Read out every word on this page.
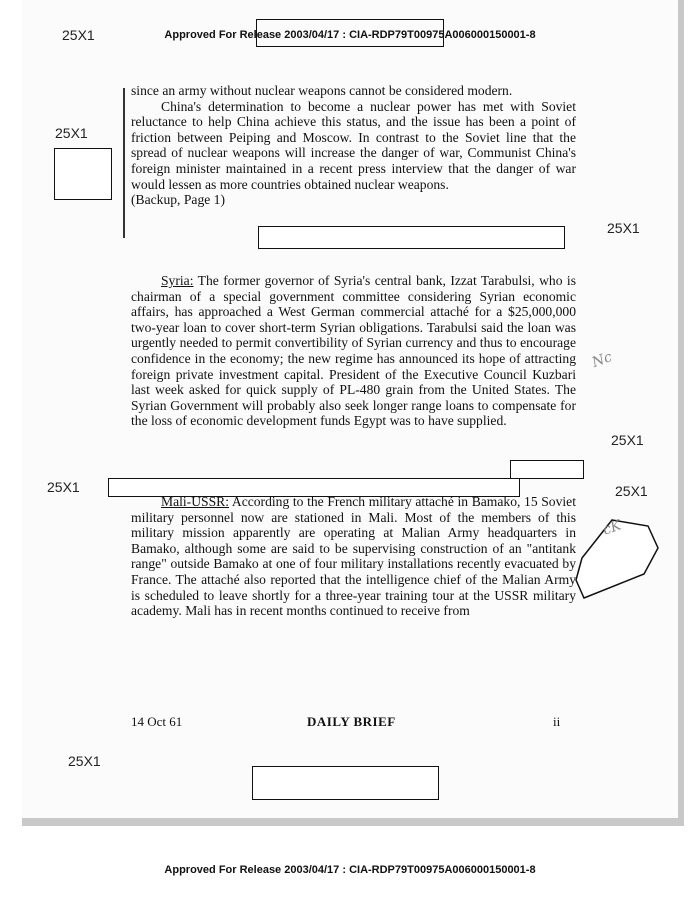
Approved For Release 2003/04/17 : CIA-RDP79T00975A006000150001-8
25X1
25X1
25X1

since an army without nuclear weapons cannot be considered modern.

China's determination to become a nuclear power has met with Soviet reluctance to help China achieve this status, and the issue has been a point of friction between Peiping and Moscow. In contrast to the Soviet line that the spread of nuclear weapons will increase the danger of war, Communist China's foreign minister maintained in a recent press interview that the danger of war would lessen as more countries obtained nuclear weapons.

(Backup, Page 1)

Syria: The former governor of Syria's central bank, Izzat Tarabulsi, who is chairman of a special government committee considering Syrian economic affairs, has approached a West German commercial attaché for a $25,000,000 two-year loan to cover short-term Syrian obligations. Tarabulsi said the loan was urgently needed to permit convertibility of Syrian currency and thus to encourage confidence in the economy; the new regime has announced its hope of attracting foreign private investment capital. President of the Executive Council Kuzbari last week asked for quick supply of PL-480 grain from the United States. The Syrian Government will probably also seek longer range loans to compensate for the loss of economic development funds Egypt was to have supplied.

25X1
25X1	25X1

Mali-USSR: According to the French military attaché in Bamako, 15 Soviet military personnel now are stationed in Mali. Most of the members of this military mission apparently are operating at Malian Army headquarters in Bamako, although some are said to be supervising construction of an "antitank range" outside Bamako at one of four military installations recently evacuated by France. The attaché also reported that the intelligence chief of the Malian Army is scheduled to leave shortly for a three-year training tour at the USSR military academy. Mali has in recent months continued to receive from

Nc
cK
14 Oct 61	DAILY BRIEF	ii
25X1
Approved For Release 2003/04/17 : CIA-RDP79T00975A006000150001-8
